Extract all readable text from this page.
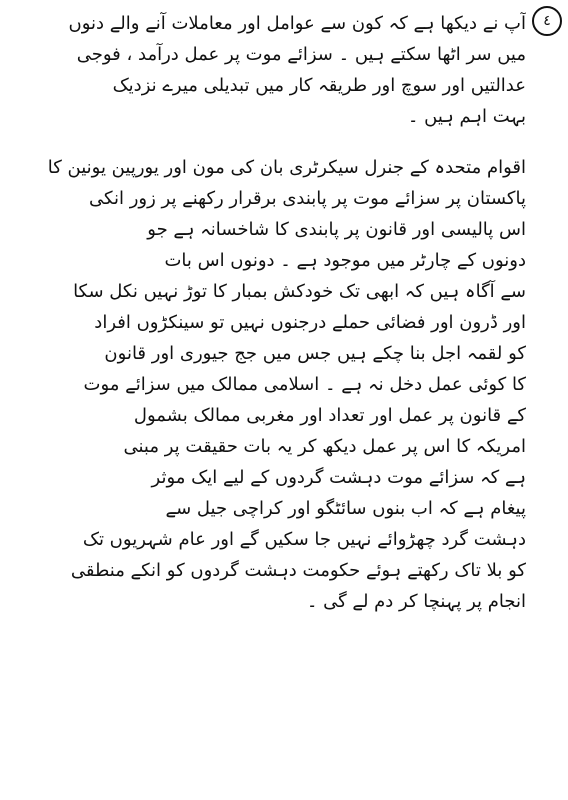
٤
آپ نے دیکھا ہے کہ کون سے عوامل اور معاملات آنے والے دنوں
میں سر اٹھا سکتے ہیں ۔ سزائے موت پر عمل درآمد ، فوجی
عدالتیں اور سوچ اور طریقہ کار میں تبدیلی میرے نزدیک
بہت اہم ہیں ۔
اقوام متحدہ کے جنرل سیکرٹری بان کی مون اور یورپین یونین کا
پاکستان پر سزائے موت پر پابندی برقرار رکھنے پر زور انکی
اس پالیسی اور قانون پر پابندی کا شاخسانہ ہے جو
دونوں کے چارٹر میں موجود ہے ۔ دونوں اس بات
سے آگاہ ہیں کہ ابھی تک خودکش بمبار کا توڑ نہیں نکل سکا
اور ڈرون اور فضائی حملے درجنوں نہیں تو سینکڑوں افراد
کو لقمہ اجل بنا چکے ہیں جس میں جج جیوری اور قانون
کا کوئی عمل دخل نہ ہے ۔ اسلامی ممالک میں سزائے موت
کے قانون پر عمل اور تعداد اور مغربی ممالک بشمول
امریکہ کا اس پر عمل دیکھ کر یہ بات حقیقت پر مبنی
ہے کہ سزائے موت دہشت گردوں کے لیے ایک موثر
پیغام ہے کہ اب بنوں سائٹگو اور کراچی جیل سے
دہشت گرد چھڑوائے نہیں جا سکیں گے اور عام شہریوں تک
کو بلا تاک رکھتے ہوئے حکومت دہشت گردوں کو انکے منطقی
انجام پر پہنچا کر دم لے گی ۔
